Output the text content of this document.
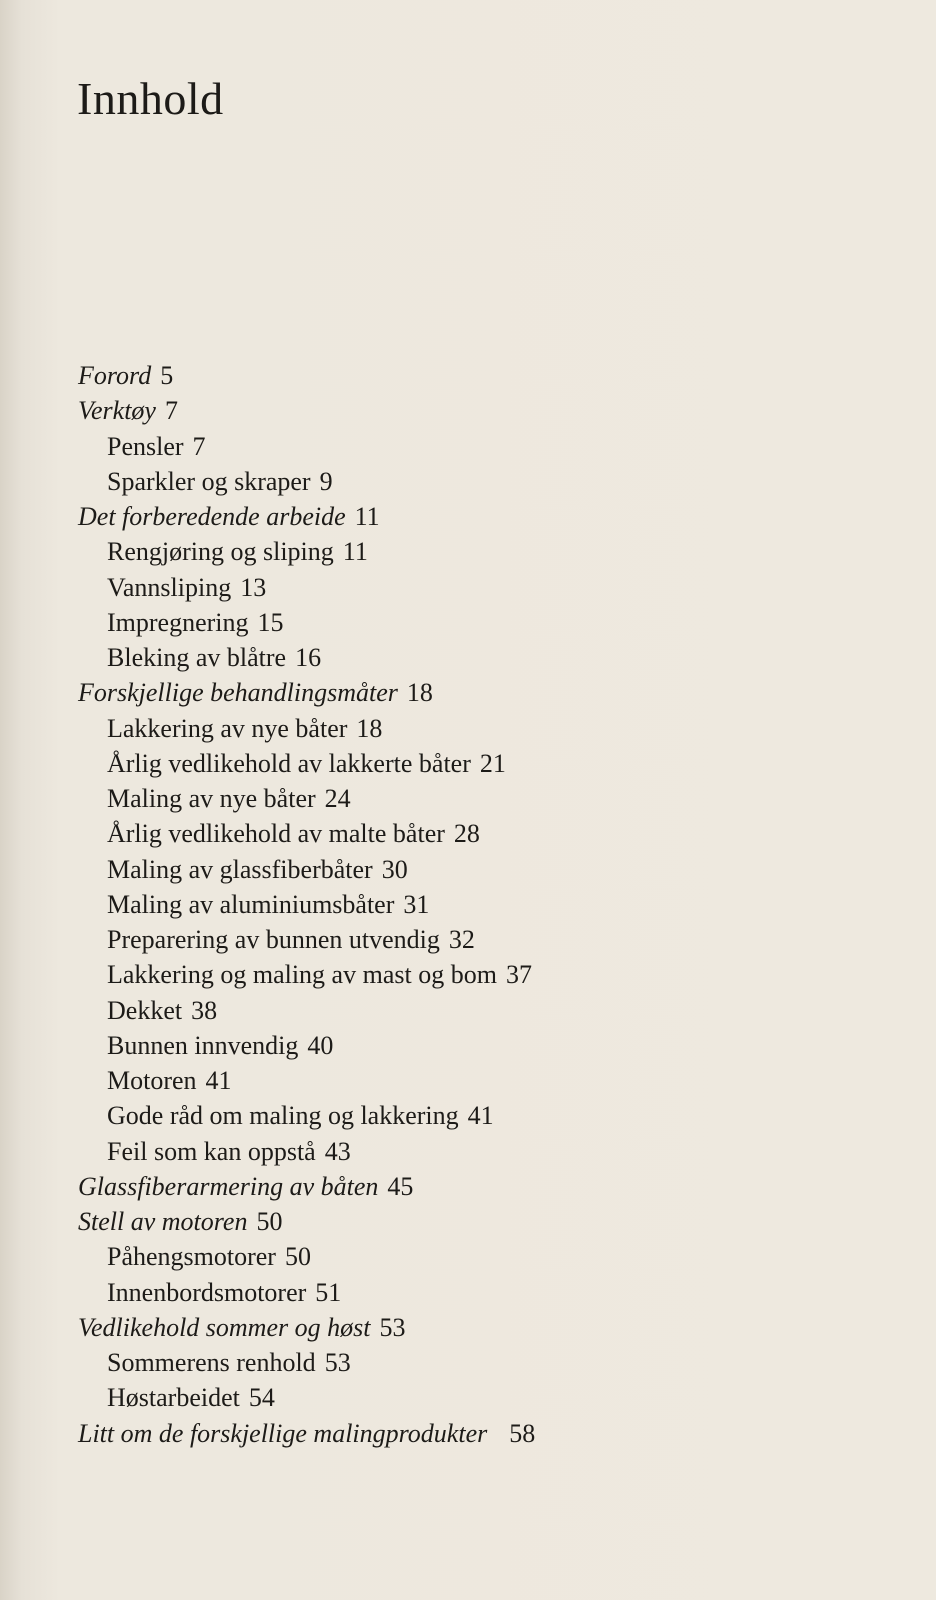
Innhold
Forord 5
Verktøy 7
Pensler 7
Sparkler og skraper 9
Det forberedende arbeide 11
Rengjøring og sliping 11
Vannsliping 13
Impregnering 15
Bleking av blåtre 16
Forskjellige behandlingsmåter 18
Lakkering av nye båter 18
Årlig vedlikehold av lakkerte båter 21
Maling av nye båter 24
Årlig vedlikehold av malte båter 28
Maling av glassfiberbåter 30
Maling av aluminiumsbåter 31
Preparering av bunnen utvendig 32
Lakkering og maling av mast og bom 37
Dekket 38
Bunnen innvendig 40
Motoren 41
Gode råd om maling og lakkering 41
Feil som kan oppstå 43
Glassfiberarmering av båten 45
Stell av motoren 50
Påhengsmotorer 50
Innenbordsmotorer 51
Vedlikehold sommer og høst 53
Sommerens renhold 53
Høstarbeidet 54
Litt om de forskjellige malingprodukter 58
